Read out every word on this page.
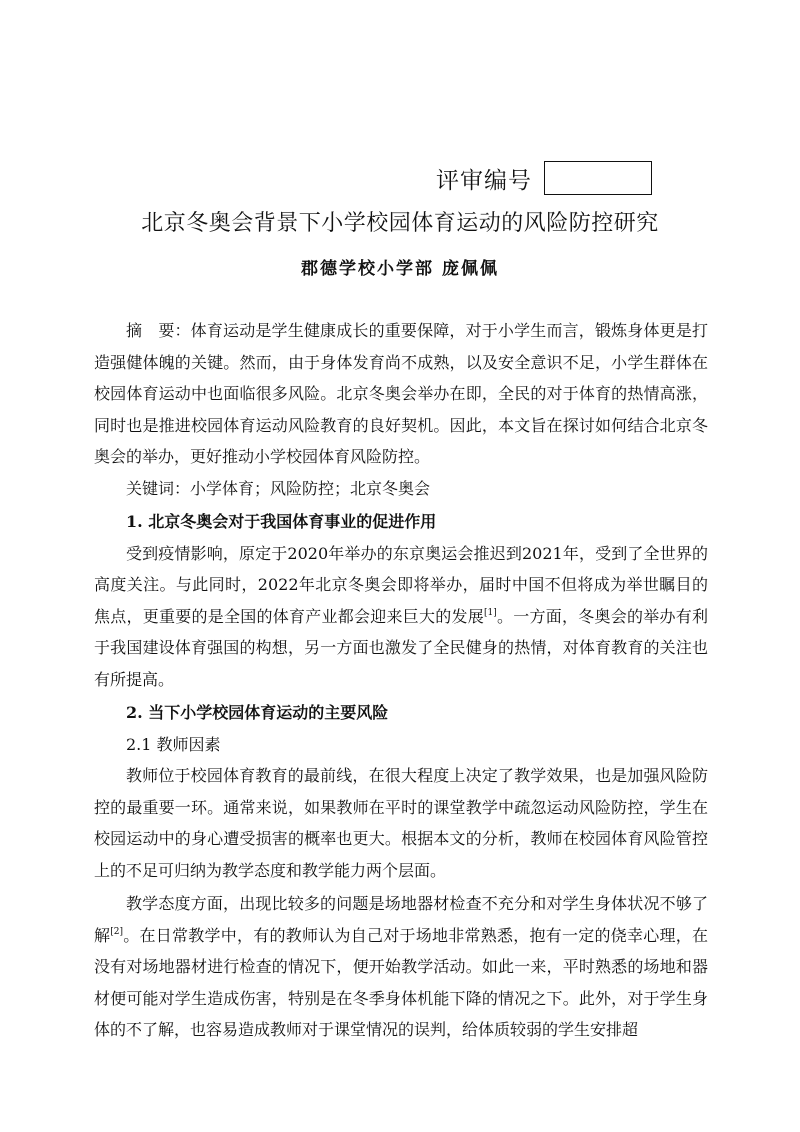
评审编号
北京冬奥会背景下小学校园体育运动的风险防控研究
郡德学校小学部 庞佩佩

摘　要：体育运动是学生健康成长的重要保障，对于小学生而言，锻炼身体更是打造强健体魄的关键。然而，由于身体发育尚不成熟，以及安全意识不足，小学生群体在校园体育运动中也面临很多风险。北京冬奥会举办在即，全民的对于体育的热情高涨，同时也是推进校园体育运动风险教育的良好契机。因此，本文旨在探讨如何结合北京冬奥会的举办，更好推动小学校园体育风险防控。

关键词：小学体育；风险防控；北京冬奥会

1. 北京冬奥会对于我国体育事业的促进作用

受到疫情影响，原定于2020年举办的东京奥运会推迟到2021年，受到了全世界的高度关注。与此同时，2022年北京冬奥会即将举办，届时中国不但将成为举世瞩目的焦点，更重要的是全国的体育产业都会迎来巨大的发展[1]。一方面，冬奥会的举办有利于我国建设体育强国的构想，另一方面也激发了全民健身的热情，对体育教育的关注也有所提高。

2. 当下小学校园体育运动的主要风险

2.1 教师因素

教师位于校园体育教育的最前线，在很大程度上决定了教学效果，也是加强风险防控的最重要一环。通常来说，如果教师在平时的课堂教学中疏忽运动风险防控，学生在校园运动中的身心遭受损害的概率也更大。根据本文的分析，教师在校园体育风险管控上的不足可归纳为教学态度和教学能力两个层面。

教学态度方面，出现比较多的问题是场地器材检查不充分和对学生身体状况不够了解[2]。在日常教学中，有的教师认为自己对于场地非常熟悉，抱有一定的侥幸心理，在没有对场地器材进行检查的情况下，便开始教学活动。如此一来，平时熟悉的场地和器材便可能对学生造成伤害，特别是在冬季身体机能下降的情况之下。此外，对于学生身体的不了解，也容易造成教师对于课堂情况的误判，给体质较弱的学生安排超
